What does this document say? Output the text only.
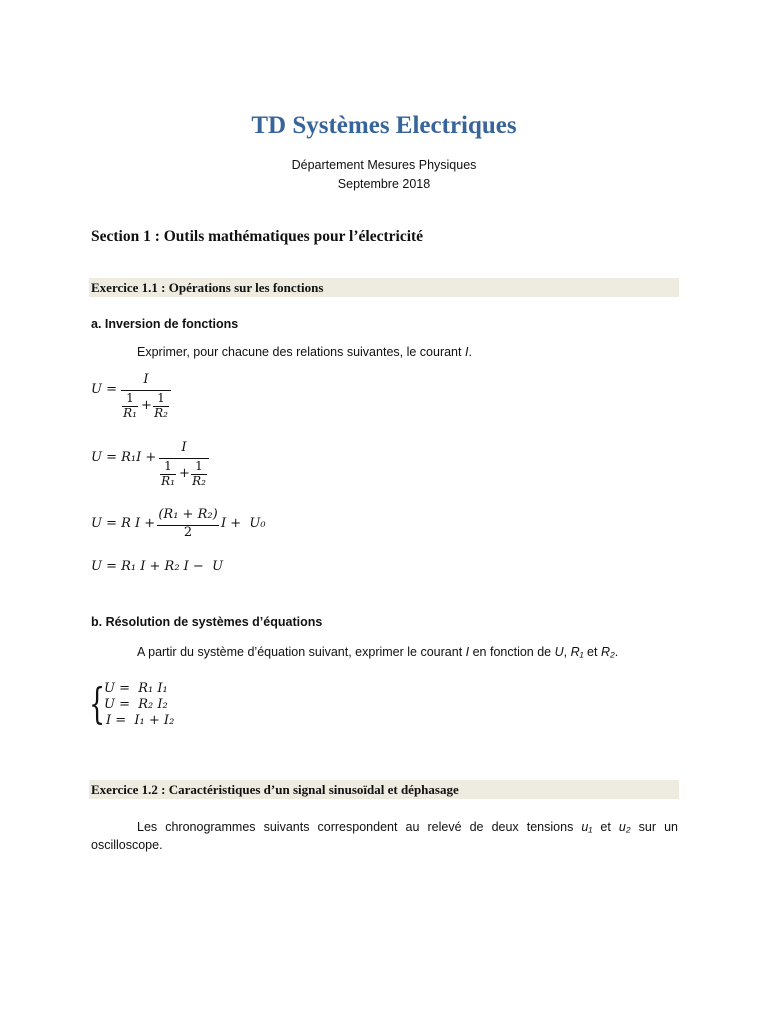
TD Systèmes Electriques
Département Mesures Physiques
Septembre 2018
Section 1 : Outils mathématiques pour l’électricité
Exercice 1.1 : Opérations sur les fonctions
a. Inversion de fonctions
Exprimer, pour chacune des relations suivantes, le courant I.
U =
I
1
R₁ + 1
R₂
U = R₁I +
I
1
R₁ + 1
R₂
U = R I +
(R₁ + R₂)
2
I +  U₀
U = R₁ I + R₂ I −  U
b. Résolution de systèmes d’équations
A partir du système d’équation suivant, exprimer le courant I en fonction de U, R₁ et R₂.
{
U =  R₁ I₁
U =  R₂ I₂
I =  I₁ + I₂
Exercice 1.2 : Caractéristiques d’un signal sinusoïdal et déphasage
Les chronogrammes suivants correspondent au relevé de deux tensions u₁ et u₂ sur un oscilloscope.
